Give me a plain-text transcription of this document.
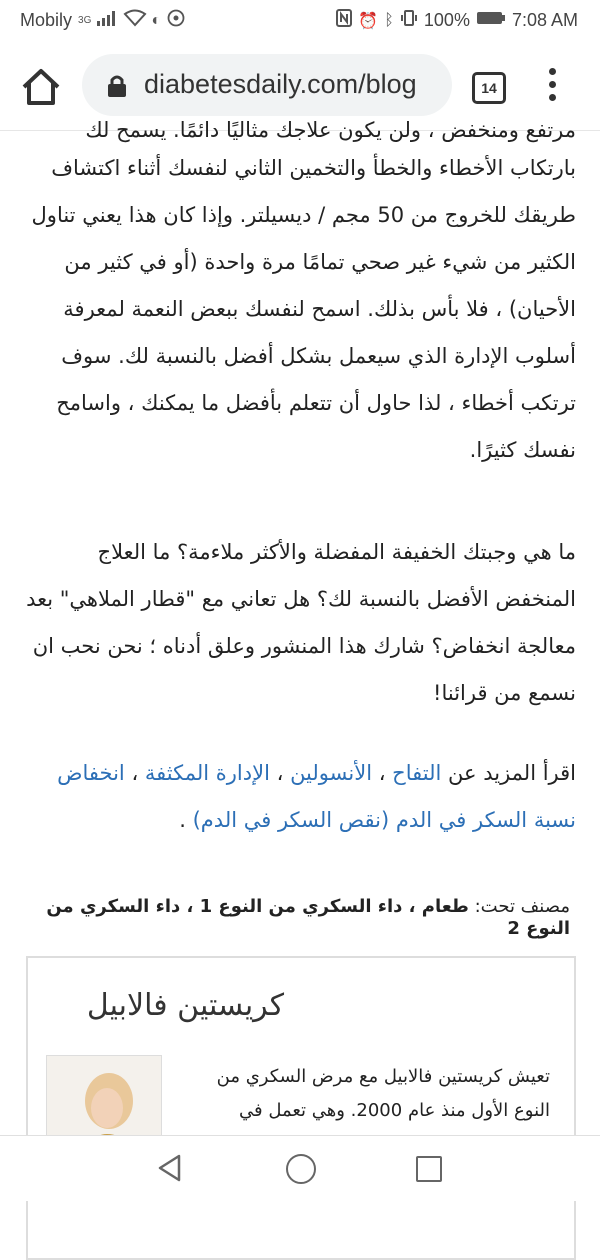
Mobily 3G	◐	⏰ ᛒ 100% 7:08 AM
diabetesdaily.com/blog	14

مرتفع ومنخفض ، ولن يكون علاجك مثاليًا دائمًا. يسمح لك

بارتكاب الأخطاء والخطأ والتخمين الثاني لنفسك أثناء اكتشاف طريقك للخروج من 50 مجم / ديسيلتر. وإذا كان هذا يعني تناول الكثير من شيء غير صحي تمامًا مرة واحدة (أو في كثير من الأحيان) ، فلا بأس بذلك. اسمح لنفسك ببعض النعمة لمعرفة أسلوب الإدارة الذي سيعمل بشكل أفضل بالنسبة لك. سوف ترتكب أخطاء ، لذا حاول أن تتعلم بأفضل ما يمكنك ، واسامح نفسك كثيرًا.

ما هي وجبتك الخفيفة المفضلة والأكثر ملاءمة؟ ما العلاج المنخفض الأفضل بالنسبة لك؟ هل تعاني مع "قطار الملاهي" بعد معالجة انخفاض؟ شارك هذا المنشور وعلق أدناه ؛ نحن نحب ان نسمع من قرائنا!

اقرأ المزيد عن التفاح ، الأنسولين ، الإدارة المكثفة ، انخفاض نسبة السكر في الدم (نقص السكر في الدم) .

مصنف تحت: طعام ، داء السكري من النوع 1 ، داء السكري من النوع 2
كريستين فالابيل
تعيش كريستين فالابيل مع مرض السكري من النوع الأول منذ عام 2000. وهي تعمل في
